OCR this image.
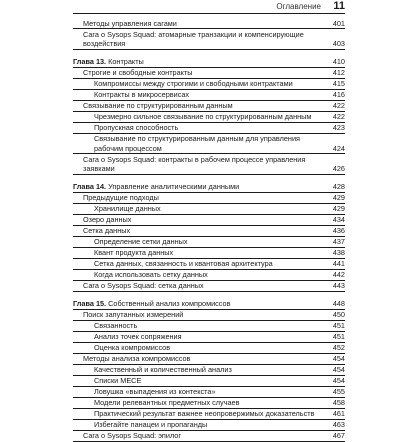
Оглавление 11
Методы управления сагами	401
Сага о Sysops Squad: атомарные транзакции и компенсирующие воздействия	403
Глава 13. Контракты	410
Строгие и свободные контракты	412
Компромиссы между строгими и свободными контрактами	415
Контракты в микросервисах	416
Связывание по структурированным данным	422
Чрезмерно сильное связывание по структурированным данным	422
Пропускная способность	423
Связывание по структурированным данным для управления рабочим процессом	424
Сага о Sysops Squad: контракты в рабочем процессе управления заявками	426
Глава 14. Управление аналитическими данными	428
Предыдущие подходы	429
Хранилище данных	429
Озеро данных	434
Сетка данных	436
Определение сетки данных	437
Квант продукта данных	438
Сетка данных, связанность и квантовая архитектура	441
Когда использовать сетку данных	442
Сага о Sysops Squad: сетка данных	443
Глава 15. Собственный анализ компромиссов	448
Поиск запутанных измерений	450
Связанность	451
Анализ точек сопряжения	451
Оценка компромиссов	452
Методы анализа компромиссов	454
Качественный и количественный анализ	454
Списки MECE	454
Ловушка «выпадения из контекста»	455
Модели релевантных предметных случаев	458
Практический результат важнее неопровержимых доказательств	461
Избегайте панацеи и пропаганды	463
Сага о Sysops Squad: эпилог	467
